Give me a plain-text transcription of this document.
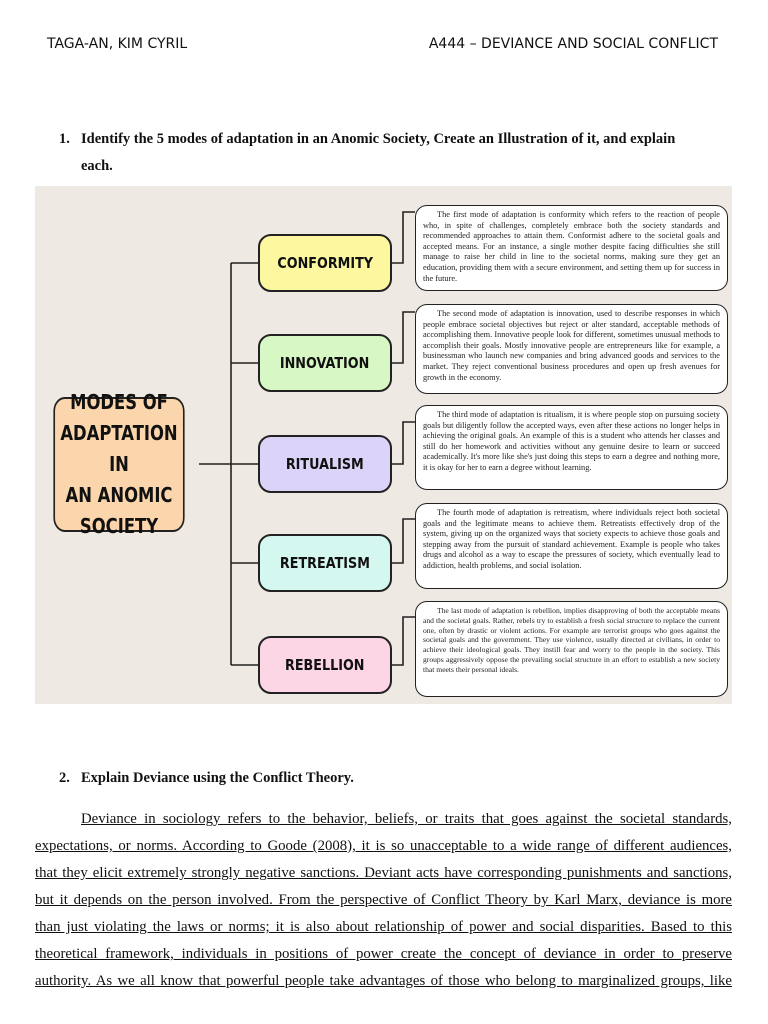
TAGA-AN, KIM CYRIL	A444 – DEVIANCE AND SOCIAL CONFLICT
1. Identify the 5 modes of adaptation in an Anomic Society, Create an Illustration of it, and explain
each.
MODES OF
ADAPTATION IN
AN ANOMIC
SOCIETY
CONFORMITY
INNOVATION
RITUALISM
RETREATISM
REBELLION
The first mode of adaptation is conformity which refers to the reaction of people who, in spite of challenges, completely embrace both the society standards and recommended approaches to attain them. Conformist adhere to the societal goals and accepted means. For an instance, a single mother despite facing difficulties she still manage to raise her child in line to the societal norms, making sure they get an education, providing them with a secure environment, and setting them up for success in the future.
The second mode of adaptation is innovation, used to describe responses in which people embrace societal objectives but reject or alter standard, acceptable methods of accomplishing them. Innovative people look for different, sometimes unusual methods to accomplish their goals. Mostly innovative people are entrepreneurs like for example, a businessman who launch new companies and bring advanced goods and services to the market. They reject conventional business procedures and open up fresh avenues for growth in the economy.
The third mode of adaptation is ritualism, it is where people stop on pursuing society goals but diligently follow the accepted ways, even after these actions no longer helps in achieving the original goals. An example of this is a student who attends her classes and still do her homework and activities without any genuine desire to learn or succeed academically. It's more like she's just doing this steps to earn a degree and nothing more, it is okay for her to earn a degree without learning.
The fourth mode of adaptation is retreatism, where individuals reject both societal goals and the legitimate means to achieve them. Retreatists effectively drop of the system, giving up on the organized ways that society expects to achieve those goals and stepping away from the pursuit of standard achievement. Example is people who takes drugs and alcohol as a way to escape the pressures of society, which eventually lead to addiction, health problems, and social isolation.
The last mode of adaptation is rebellion, implies disapproving of both the acceptable means and the societal goals. Rather, rebels try to establish a fresh social structure to replace the current one, often by drastic or violent actions. For example are terrorist groups who goes against the societal goals and the government. They use violence, usually directed at civilians, in order to achieve their ideological goals. They instill fear and worry to the people in the society. This groups aggressively oppose the prevailing social structure in an effort to establish a new society that meets their personal ideals.
2. Explain Deviance using the Conflict Theory.
Deviance in sociology refers to the behavior, beliefs, or traits that goes against the societal standards,
expectations, or norms. According to Goode (2008), it is so unacceptable to a wide range of different audiences,
that they elicit extremely strongly negative sanctions. Deviant acts have corresponding punishments and sanctions,
but it depends on the person involved. From the perspective of Conflict Theory by Karl Marx, deviance is more
than just violating the laws or norms; it is also about relationship of power and social disparities. Based to this
theoretical framework, individuals in positions of power create the concept of deviance in order to preserve
authority. As we all know that powerful people take advantages of those who belong to marginalized groups, like
